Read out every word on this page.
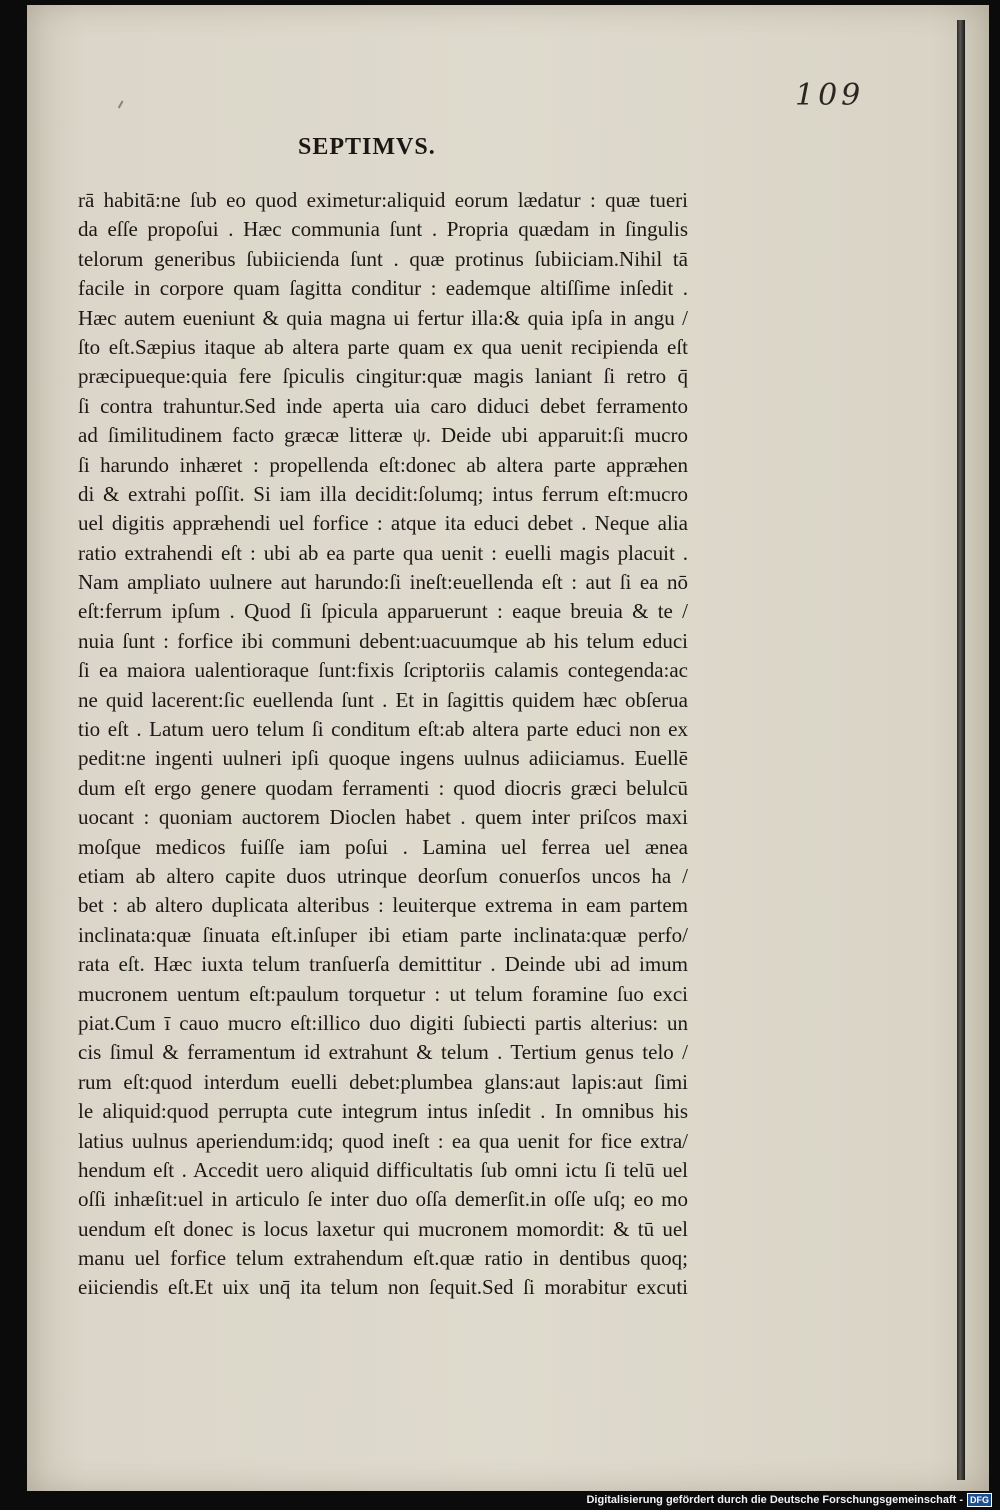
109
SEPTIMVS.
rā habitā:ne ſub eo quod eximetur:aliquid eorum lædatur : quæ tueri
da eſſe propoſui . Hæc communia ſunt . Propria quædam in ſingulis
telorum generibus ſubiicienda ſunt . quæ protinus ſubiiciam.Nihil tā
facile in corpore quam ſagitta conditur : eademque altiſſime inſedit .
Hæc autem eueniunt & quia magna ui fertur illa:& quia ipſa in angu /
ſto eſt.Sæpius itaque ab altera parte quam ex qua uenit recipienda eſt
præcipueque:quia fere ſpiculis cingitur:quæ magis laniant ſi retro q̄
ſi contra trahuntur.Sed inde aperta uia caro diduci debet ferramento
ad ſimilitudinem facto græcæ litteræ ψ. Deide ubi apparuit:ſi mucro
ſi harundo inhæret : propellenda eſt:donec ab altera parte appræhen
di & extrahi poſſit. Si iam illa decidit:ſolumq; intus ferrum eſt:mucro
uel digitis appræhendi uel forfice : atque ita educi debet . Neque alia
ratio extrahendi eſt : ubi ab ea parte qua uenit : euelli magis placuit .
Nam ampliato uulnere aut harundo:ſi ineſt:euellenda eſt : aut ſi ea nō
eſt:ferrum ipſum . Quod ſi ſpicula apparuerunt : eaque breuia & te /
nuia ſunt : forfice ibi communi debent:uacuumque ab his telum educi
ſi ea maiora ualentioraque ſunt:fixis ſcriptoriis calamis contegenda:ac
ne quid lacerent:ſic euellenda ſunt . Et in ſagittis quidem hæc obſerua
tio eſt . Latum uero telum ſi conditum eſt:ab altera parte educi non ex
pedit:ne ingenti uulneri ipſi quoque ingens uulnus adiiciamus. Euellē
dum eſt ergo genere quodam ferramenti : quod diocris græci belulcū
uocant : quoniam auctorem Dioclen habet . quem inter priſcos maxi
moſque medicos fuiſſe iam poſui . Lamina uel ferrea uel ænea
etiam ab altero capite duos utrinque deorſum conuerſos uncos ha /
bet : ab altero duplicata alteribus : leuiterque extrema in eam partem
inclinata:quæ ſinuata eſt.inſuper ibi etiam parte inclinata:quæ perfo/
rata eſt. Hæc iuxta telum tranſuerſa demittitur . Deinde ubi ad imum
mucronem uentum eſt:paulum torquetur : ut telum foramine ſuo exci
piat.Cum ī cauo mucro eſt:illico duo digiti ſubiecti partis alterius: un
cis ſimul & ferramentum id extrahunt & telum . Tertium genus telo /
rum eſt:quod interdum euelli debet:plumbea glans:aut lapis:aut ſimi
le aliquid:quod perrupta cute integrum intus inſedit . In omnibus his
latius uulnus aperiendum:idq; quod ineſt : ea qua uenit for fice extra/
hendum eſt . Accedit uero aliquid difficultatis ſub omni ictu ſi telū uel
oſſi inhæſit:uel in articulo ſe inter duo oſſa demerſit.in oſſe uſq; eo mo
uendum eſt donec is locus laxetur qui mucronem momordit: & tū uel
manu uel forfice telum extrahendum eſt.quæ ratio in dentibus quoq;
eiiciendis eſt.Et uix unq̄ ita telum non ſequit.Sed ſi morabitur excuti
Digitalisierung gefördert durch die Deutsche Forschungsgemeinschaft - DFG
